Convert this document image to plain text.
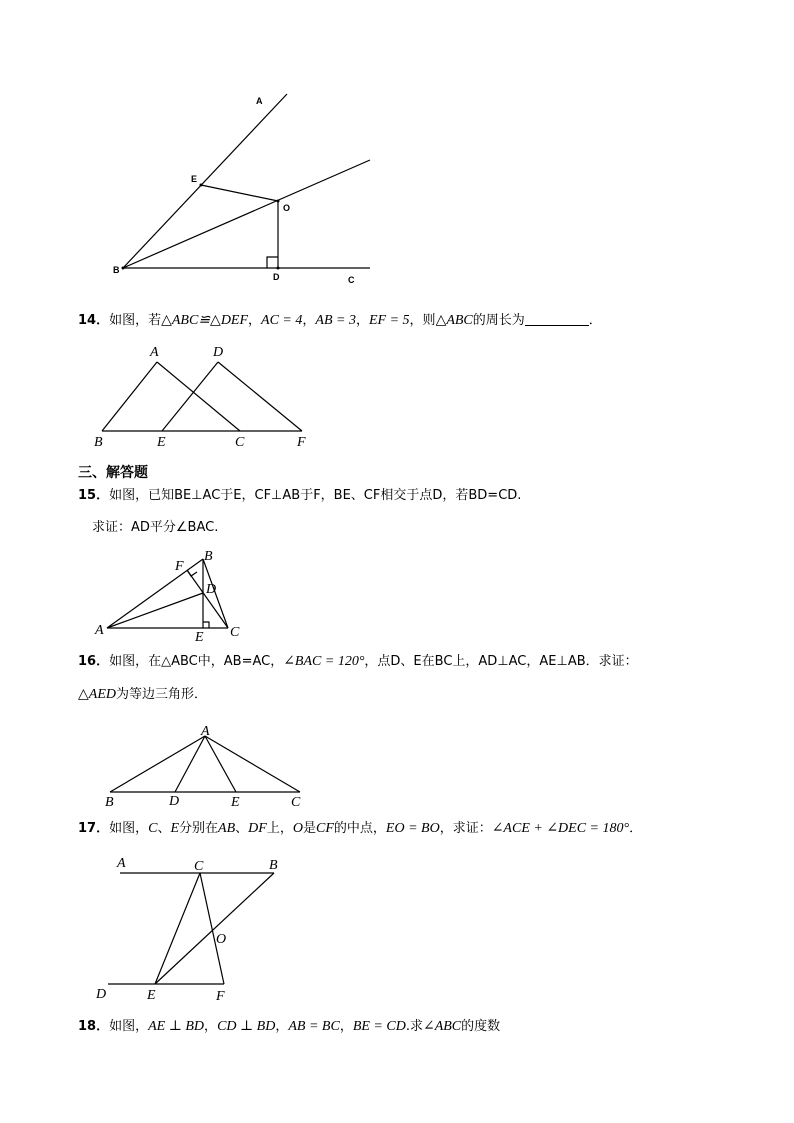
A
E
O
B
D	C
14．如图，若△ABC≌△DEF，AC = 4，AB = 3，EF = 5，则△ABC的周长为	．
A	D
B	E	C	F
三、解答题
15．如图，已知BE⊥AC于E，CF⊥AB于F，BE、CF相交于点D，若BD=CD.
求证：AD平分∠BAC.
B
F
D
A	E C
16．如图，在△ABC中，AB=AC，∠BAC = 120°，点D、E在BC上，AD⊥AC，AE⊥AB．求证：
△AED为等边三角形．
A
B	D	E	C
17．如图，C、E分别在AB、DF上，O是CF的中点，EO = BO，求证：∠ACE + ∠DEC = 180°．
A	C	B
O
D	E	F
18．如图，AE ⊥ BD，CD ⊥ BD，AB = BC，BE = CD.求∠ABC的度数
